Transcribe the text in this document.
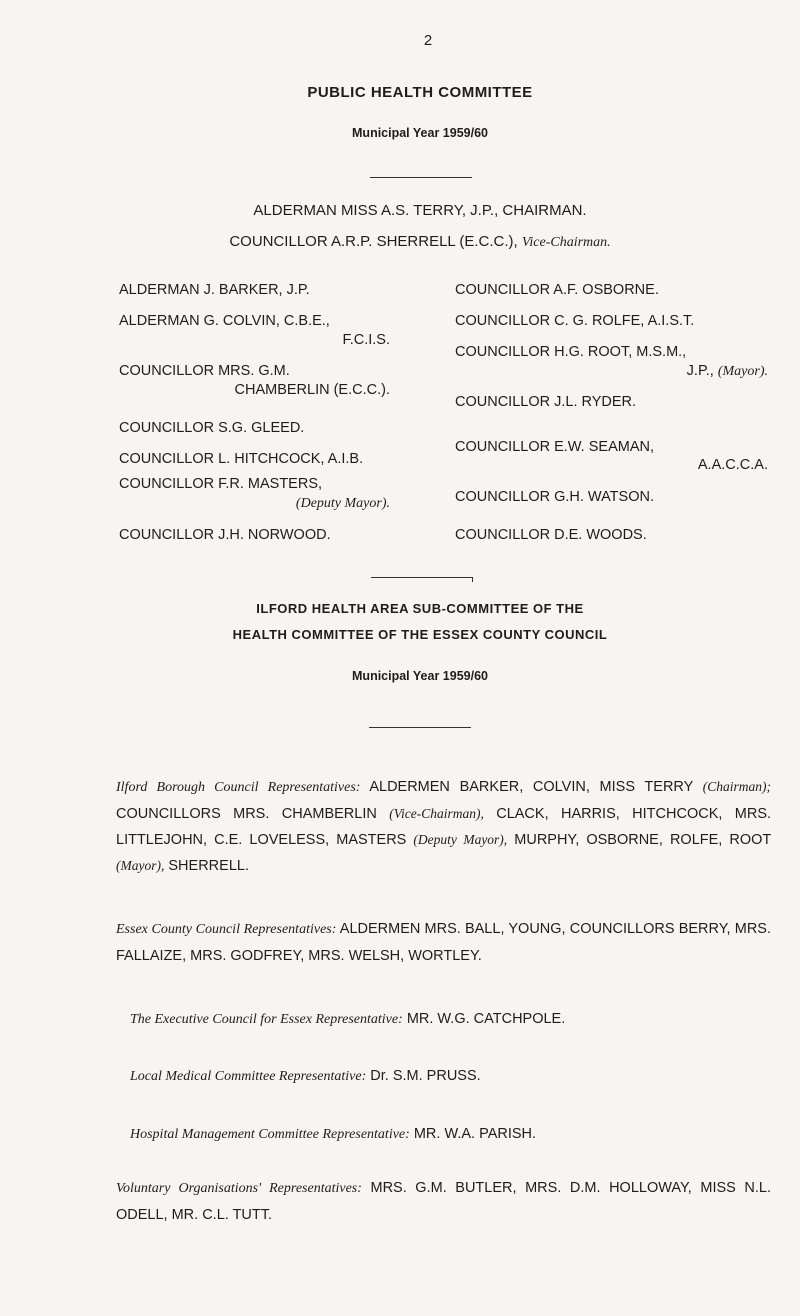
2
PUBLIC HEALTH COMMITTEE
Municipal Year 1959/60
ALDERMAN MISS A.S. TERRY, J.P., CHAIRMAN.
COUNCILLOR A.R.P. SHERRELL (E.C.C.), Vice-Chairman.
ALDERMAN J. BARKER, J.P.
ALDERMAN G. COLVIN, C.B.E.,
F.C.I.S.
COUNCILLOR MRS. G.M.
CHAMBERLIN (E.C.C.).
COUNCILLOR S.G. GLEED.
COUNCILLOR L. HITCHCOCK, A.I.B.
COUNCILLOR F.R. MASTERS,
(Deputy Mayor).
COUNCILLOR J.H. NORWOOD.
COUNCILLOR A.F. OSBORNE.
COUNCILLOR C. G. ROLFE, A.I.S.T.
COUNCILLOR H.G. ROOT, M.S.M.,
J.P., (Mayor).
COUNCILLOR J.L. RYDER.
COUNCILLOR E.W. SEAMAN,
A.A.C.C.A.
COUNCILLOR G.H. WATSON.
COUNCILLOR D.E. WOODS.
ILFORD HEALTH AREA SUB-COMMITTEE OF THE
HEALTH COMMITTEE OF THE ESSEX COUNTY COUNCIL
Municipal Year 1959/60
Ilford Borough Council Representatives: ALDERMEN BARKER, COLVIN, MISS TERRY (Chairman); COUNCILLORS MRS. CHAMBERLIN (Vice-Chairman), CLACK, HARRIS, HITCHCOCK, MRS. LITTLEJOHN, C.E. LOVELESS, MASTERS (Deputy Mayor), MURPHY, OSBORNE, ROLFE, ROOT (Mayor), SHERRELL.
Essex County Council Representatives: ALDERMEN MRS. BALL, YOUNG, COUNCILLORS BERRY, MRS. FALLAIZE, MRS. GODFREY, MRS. WELSH, WORTLEY.
The Executive Council for Essex Representative: MR. W.G. CATCHPOLE.
Local Medical Committee Representative: Dr. S.M. PRUSS.
Hospital Management Committee Representative: MR. W.A. PARISH.
Voluntary Organisations' Representatives: MRS. G.M. BUTLER, MRS. D.M. HOLLOWAY, MISS N.L. ODELL, MR. C.L. TUTT.
